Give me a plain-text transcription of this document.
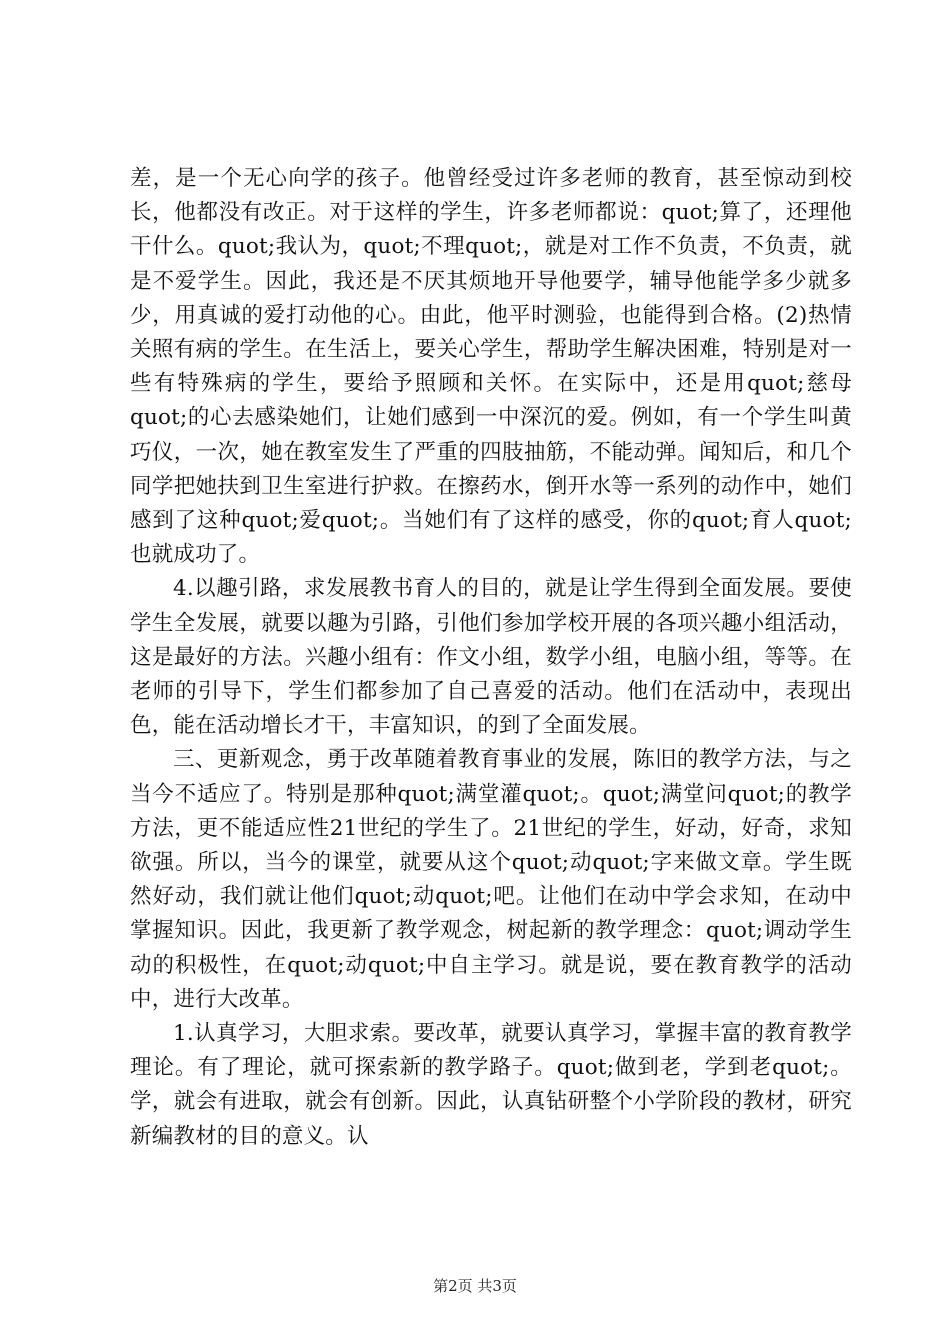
差，是一个无心向学的孩子。他曾经受过许多老师的教育，甚至惊动到校长，他都没有改正。对于这样的学生，许多老师都说：quot;算了，还理他干什么。quot;我认为，quot;不理quot;，就是对工作不负责，不负责，就是不爱学生。因此，我还是不厌其烦地开导他要学，辅导他能学多少就多少，用真诚的爱打动他的心。由此，他平时测验，也能得到合格。(2)热情关照有病的学生。在生活上，要关心学生，帮助学生解决困难，特别是对一些有特殊病的学生，要给予照顾和关怀。在实际中，还是用quot;慈母quot;的心去感染她们，让她们感到一中深沉的爱。例如，有一个学生叫黄巧仪，一次，她在教室发生了严重的四肢抽筋，不能动弹。闻知后，和几个同学把她扶到卫生室进行护救。在擦药水，倒开水等一系列的动作中，她们感到了这种quot;爱quot;。当她们有了这样的感受，你的quot;育人quot;也就成功了。

4.以趣引路，求发展教书育人的目的，就是让学生得到全面发展。要使学生全发展，就要以趣为引路，引他们参加学校开展的各项兴趣小组活动，这是最好的方法。兴趣小组有：作文小组，数学小组，电脑小组，等等。在老师的引导下，学生们都参加了自己喜爱的活动。他们在活动中，表现出色，能在活动增长才干，丰富知识，的到了全面发展。

三、更新观念，勇于改革随着教育事业的发展，陈旧的教学方法，与之当今不适应了。特别是那种quot;满堂灌quot;。quot;满堂问quot;的教学方法，更不能适应性21世纪的学生了。21世纪的学生，好动，好奇，求知欲强。所以，当今的课堂，就要从这个quot;动quot;字来做文章。学生既然好动，我们就让他们quot;动quot;吧。让他们在动中学会求知，在动中掌握知识。因此，我更新了教学观念，树起新的教学理念：quot;调动学生动的积极性，在quot;动quot;中自主学习。就是说，要在教育教学的活动中，进行大改革。

1.认真学习，大胆求索。要改革，就要认真学习，掌握丰富的教育教学理论。有了理论，就可探索新的教学路子。quot;做到老，学到老quot;。学，就会有进取，就会有创新。因此，认真钻研整个小学阶段的教材，研究新编教材的目的意义。认

第2页 共3页
